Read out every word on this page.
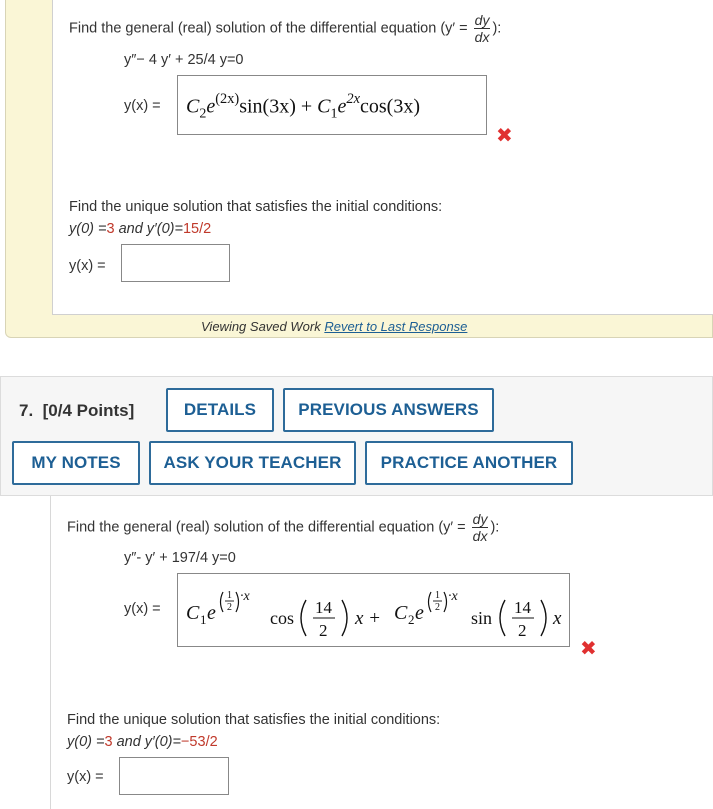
Find the general (real) solution of the differential equation ($y' = \frac{dy}{dx}$ ):
y″− 4 y′ + 25/4 y=0
$y(x) = C_2e^{(2x)}\sin(3x) + C_1e^{2x}\cos(3x)$
✖
Find the unique solution that satisfies the initial conditions:
y(0) =3 and y′(0)=15/2
y(x) =
Viewing Saved Work Revert to Last Response
7.  [0/4 Points]	DETAILS	PREVIOUS ANSWERS
MY NOTES	ASK YOUR TEACHER	PRACTICE ANOTHER
Find the general (real) solution of the differential equation ($y' = \frac{dy}{dx}$ ):
y″- y′ + 197/4 y=0
y(x) = C 1 e
1
2
·x
cos
14
2
x + C 2 e
1
2
·x
sin
14
2
x
✖
Find the unique solution that satisfies the initial conditions:
y(0) =3 and y′(0)=−53/2
y(x) =
